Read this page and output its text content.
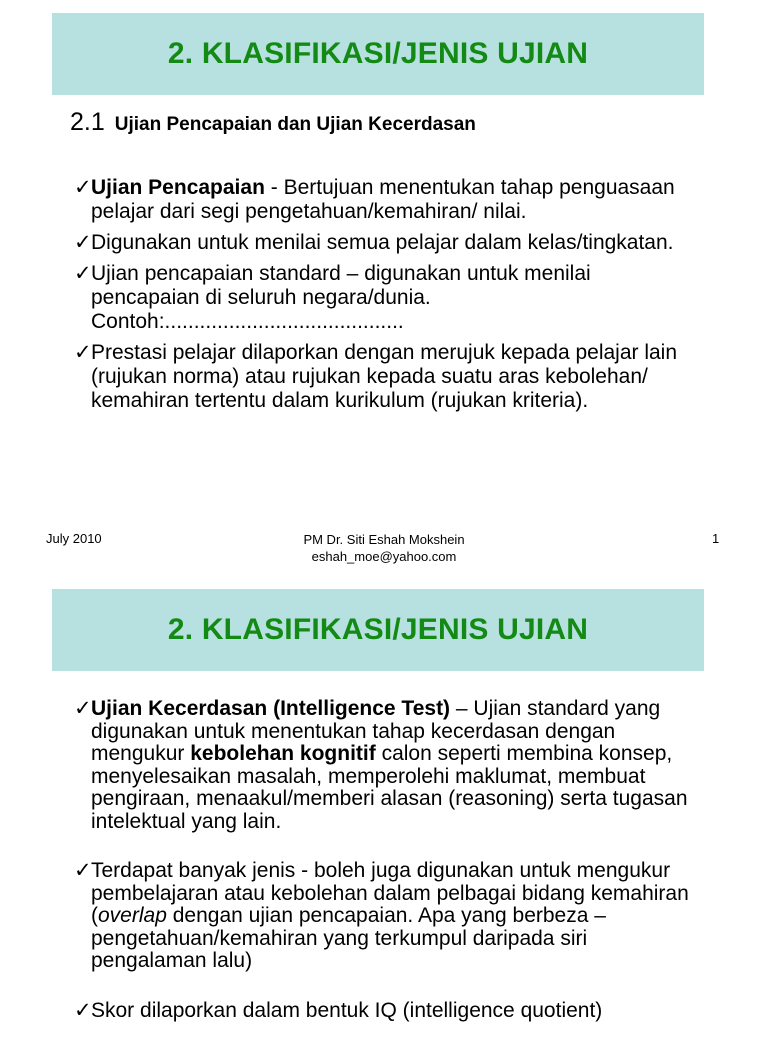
2. KLASIFIKASI/JENIS UJIAN
2.1 Ujian Pencapaian dan Ujian Kecerdasan
✓ Ujian Pencapaian - Bertujuan menentukan tahap penguasaan pelajar dari segi pengetahuan/kemahiran/ nilai.
✓ Digunakan untuk menilai semua pelajar dalam kelas/tingkatan.
✓ Ujian pencapaian standard – digunakan untuk menilai pencapaian di seluruh negara/dunia.
Contoh:.........................................
✓ Prestasi pelajar dilaporkan dengan merujuk kepada pelajar lain (rujukan norma) atau rujukan kepada suatu aras kebolehan/ kemahiran tertentu dalam kurikulum (rujukan kriteria).
July 2010	PM Dr. Siti Eshah Mokshein
eshah_moe@yahoo.com
1
2. KLASIFIKASI/JENIS UJIAN
✓ Ujian Kecerdasan (Intelligence Test) – Ujian standard yang digunakan untuk menentukan tahap kecerdasan dengan mengukur kebolehan kognitif calon seperti membina konsep, menyelesaikan masalah, memperolehi maklumat, membuat pengiraan, menaakul/memberi alasan (reasoning) serta tugasan intelektual yang lain.
✓ Terdapat banyak jenis - boleh juga digunakan untuk mengukur pembelajaran atau kebolehan dalam pelbagai bidang kemahiran (overlap dengan ujian pencapaian. Apa yang berbeza – pengetahuan/kemahiran yang terkumpul daripada siri pengalaman lalu)
✓ Skor dilaporkan dalam bentuk IQ (intelligence quotient)
